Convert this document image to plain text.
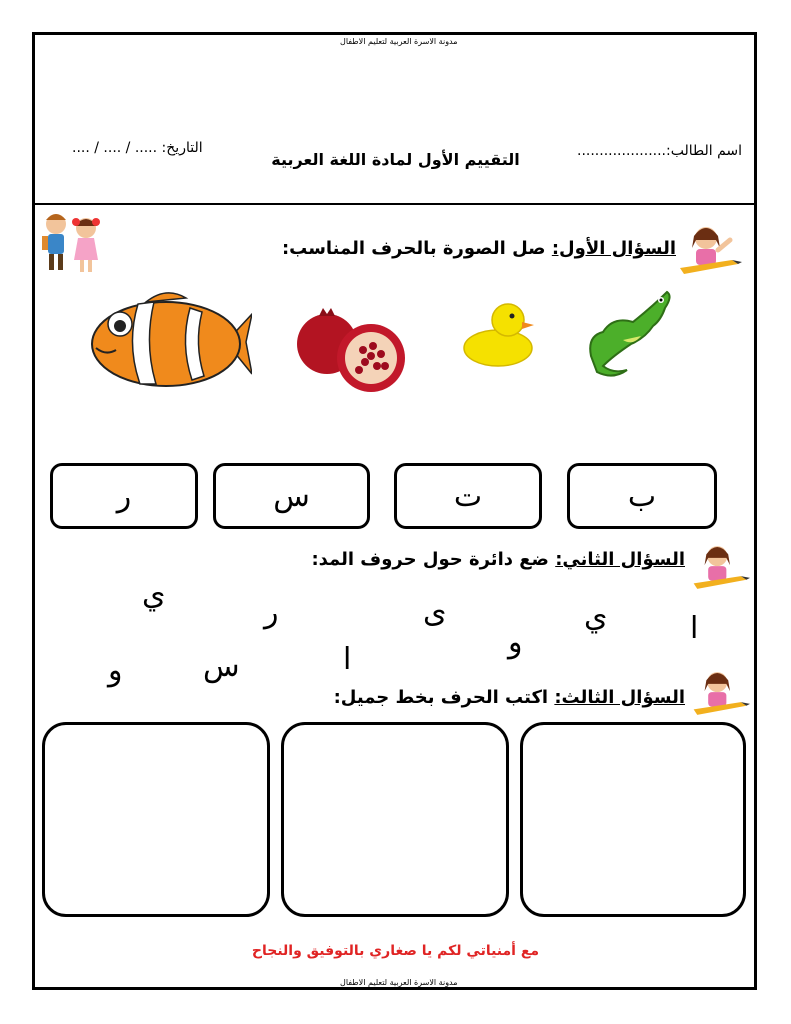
مدونة الاسرة العربية لتعليم الاطفال
اسم الطالب:....................
التاريخ: ..... / .... / ....
التقييم الأول لمادة اللغة العربية
السؤال الأول: صل الصورة بالحرف المناسب:
ب
ت
س
ر
السؤال الثاني: ضع دائرة حول حروف المد:
ي
ر	ى	ي	ا
و
ا
س
و
السؤال الثالث: اكتب الحرف بخط جميل:
مع أمنياتي لكم يا صغاري بالتوفيق والنجاح
مدونة الاسرة العربية لتعليم الاطفال
